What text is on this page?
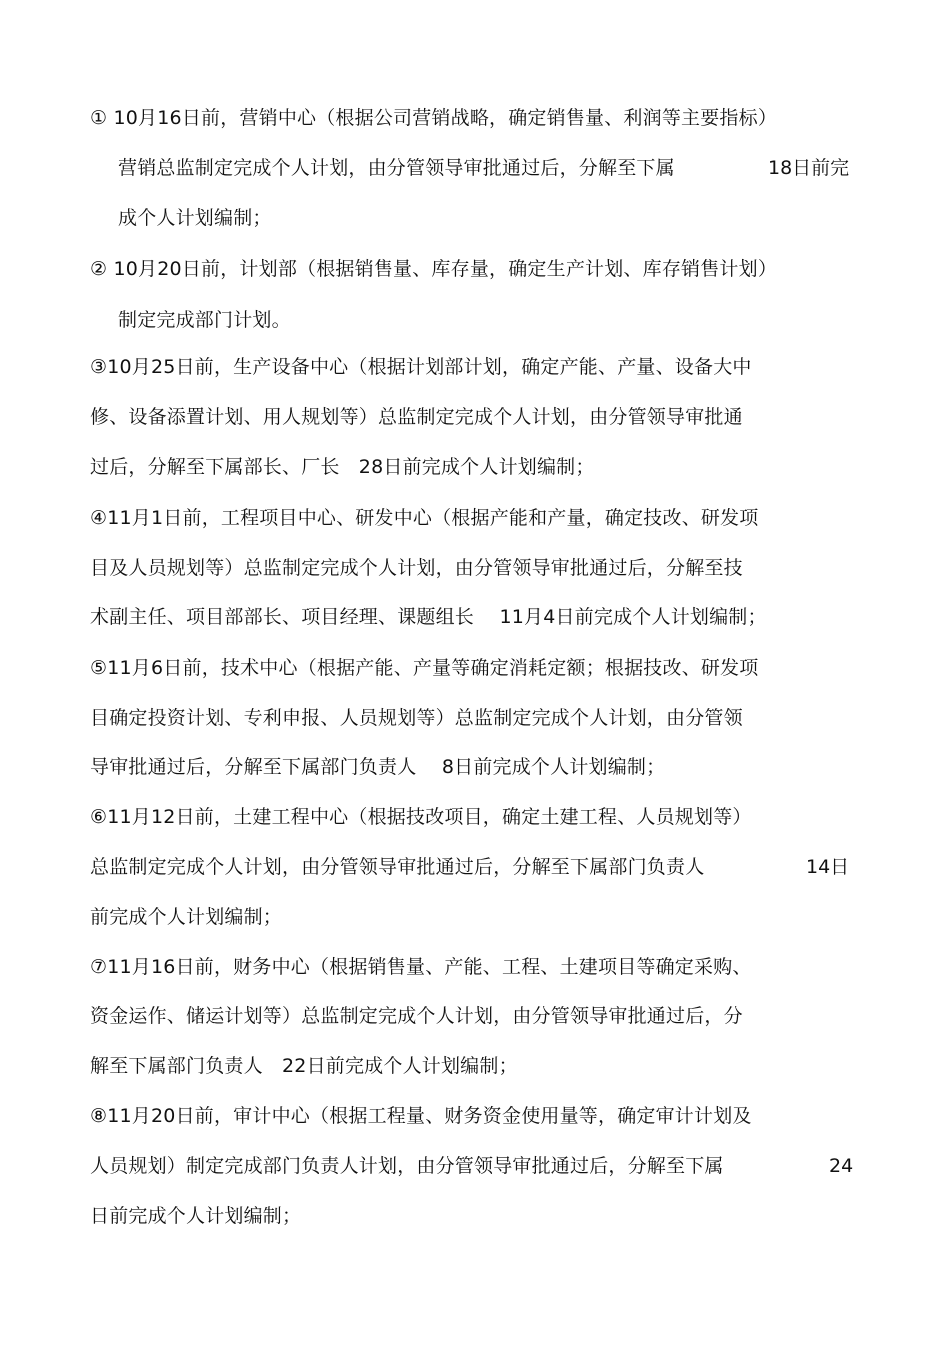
① 10月16日前，营销中心（根据公司营销战略，确定销售量、利润等主要指标）
营销总监制定完成个人计划，由分管领导审批通过后，分解至下属	18日前完
成个人计划编制；
② 10月20日前，计划部（根据销售量、库存量，确定生产计划、库存销售计划）
制定完成部门计划。
③10月25日前，生产设备中心（根据计划部计划，确定产能、产量、设备大中
修、设备添置计划、用人规划等）总监制定完成个人计划，由分管领导审批通
过后，分解至下属部长、厂长　28日前完成个人计划编制；
④11月1日前，工程项目中心、研发中心（根据产能和产量，确定技改、研发项
目及人员规划等）总监制定完成个人计划，由分管领导审批通过后，分解至技
术副主任、项目部部长、项目经理、课题组长　 11月4日前完成个人计划编制；
⑤11月6日前，技术中心（根据产能、产量等确定消耗定额；根据技改、研发项
目确定投资计划、专利申报、人员规划等）总监制定完成个人计划，由分管领
导审批通过后，分解至下属部门负责人　 8日前完成个人计划编制；
⑥11月12日前，土建工程中心（根据技改项目，确定土建工程、人员规划等）
总监制定完成个人计划，由分管领导审批通过后，分解至下属部门负责人	14日
前完成个人计划编制；
⑦11月16日前，财务中心（根据销售量、产能、工程、土建项目等确定采购、
资金运作、储运计划等）总监制定完成个人计划，由分管领导审批通过后，分
解至下属部门负责人　22日前完成个人计划编制；
⑧11月20日前，审计中心（根据工程量、财务资金使用量等，确定审计计划及
人员规划）制定完成部门负责人计划，由分管领导审批通过后，分解至下属	24
日前完成个人计划编制；
